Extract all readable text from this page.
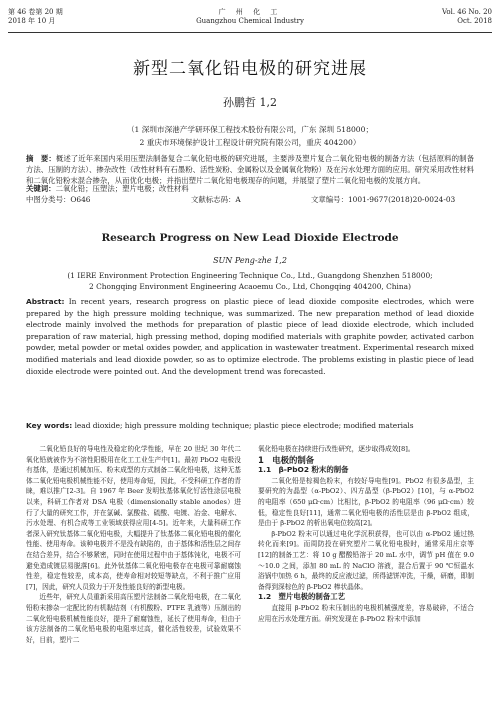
第 46 卷第 20 期
2018 年 10 月
广 州 化 工
Guangzhou Chemical Industry
Vol. 46 No. 20
Oct. 2018
新型二氧化铅电极的研究进展
孙鹏哲 1,2
（1 深圳市深港产学研环保工程技术股份有限公司，广东 深圳 518000；
2 重庆市环境保护设计工程设计研究院有限公司，重庆 404200）
摘　要：概述了近年来国内采用压塑法制备复合二氧化铅电极的研究进展，主要涉及塑片复合二氧化铅电极的制备方法（包括原料的制备方法、压制的方法）、掺杂改性（改性材料有石墨粉、活性炭粉、金属粉以及金属氧化物粉）及在污水处理方面的应用。研究采用改性材料和二氧化铅粉末混合掺杂，从而优化电极；并指出塑片二氧化铅电极现存的问题，并展望了塑片二氧化铅电极的发展方向。
关键词：二氧化铅；压塑法；塑片电极；改性材料
中图分类号：O646	文献标志码：A	文章编号：1001-9677(2018)20-0024-03
Research Progress on New Lead Dioxide Electrode
SUN Peng-zhe 1,2
(1 IERE Environment Protection Engineering Technique Co., Ltd., Guangdong Shenzhen 518000;
2 Chongqing Environment Engineering Acaoemu Co., Ltd, Chongqing 404200, China)
Abstract: In recent years, research progress on plastic piece of lead dioxide composite electrodes, which were prepared by the high pressure molding technique, was summarized. The new preparation method of lead dioxide electrode mainly involved the methods for preparation of plastic piece of lead dioxide electrode, which included preparation of raw material, high pressing method, doping modified materials with graphite powder, activated carbon powder, metal powder or metal oxides powder, and application in wastewater treatment. Experimental research mixed modified materials and lead dioxide powder, so as to optimize electrode. The problems existing in plastic piece of lead dioxide electrode were pointed out. And the development trend was forecasted.
Key words: lead dioxide; high pressure molding technique; plastic piece electrode; modified materials

二氧化铅良好的导电性及稳定的化学性能，早在 20 世纪 30 年代二氧化铅就被作为不溶性阳极用在化工工业生产中[1]。最初 PbO2 电极没有基体，是通过机械加压、粉末成型的方式制备二氧化铅电极，这种无基体二氧化铅电极机械性能不好，使用寿命短，因此，不受科研工作者的青睐，难以推广[2-3]。自 1967 年 Beer 发明钛基体氧化钌活性涂层电极以来，科研工作者对 DSA 电极（dimensionally stable anodes）进行了大量的研究工作，并在氯碱、氯酸盐、硫酸、电镀、冶金、电解水、污水处理、有机合成等工业领域获得应用[4-5]。近年来，大量科研工作者深入研究钛基体二氧化铅电极，大幅提升了钛基体二氧化铅电极的催化性能、使用寿命。该种电极并不是没有缺陷的，由于基体和活性层之间存在结合差异，结合不够紧密，同时在使用过程中由于基体钝化，电极不可避免造成镀层易脱落[6]。此外钛基体二氧化铅电极存在电极可靠耐腐蚀性差，稳定性较差，成本高，使寿命相对较短等缺点，不利于推广应用[7]，因此，研究人员致力于开发性能良好的新型电极。

近些年，研究人员重新采用高压塑片法制备二氧化铅电极，在二氧化铅粉末掺杂一定配比的有机黏结剂（有机酸粉、PTFE 乳液等）压制出的二氧化铅电极机械性能良好，提升了耐腐蚀性，延长了使用寿命，但由于该方法制备的二氧化铅电极的电阻率过高，催化活性较差，试验效果不好，目前，塑片二

氧化铅电极在持续进行改性研究，逐步取得成效[8]。

1　电极的制备

1.1　β-PbO2 粉末的制备

二氧化铅是棕褐色粉末，有较好导电性[9]。PbO2 有很多晶型，主要研究的为晶型（α-PbO2）、四方晶型（β-PbO2）[10]，与 α-PbO2 的电阻率（650 μΩ·cm）比相比，β-PbO2 的电阻率（96 μΩ·cm）较低，稳定性良好[11]，通常二氧化铅电极的活性层是由 β-PbO2 组成，是由于 β-PbO2 的析出氧电位较高[2]。

β-PbO2 粉末可以通过电化学沉积获得，也可以由 α-PbO2 通过热转化而来[9]。而周防投在研究塑片二氧化铅电极时，通常采用庄京等[12]的制备工艺：将 10 g 醋酸铅溶于 20 mL 水中，调节 pH 值在 9.0～10.0 之间，添加 80 mL 的 NaClO 溶液，混合后置于 90 ℃恒温水浴锅中加热 6 h，最终的反应液过滤，所得滤饼冲洗，干燥，研磨，即制备得到深棕色的 β-PbO2 棒状晶体。

1.2　塑片电极的制备工艺

直接用 β-PbO2 粉末压制出的电极机械强度差，容易破碎，不适合应用在污水处理方面。研究发现在 β-PbO2 粉末中添加
